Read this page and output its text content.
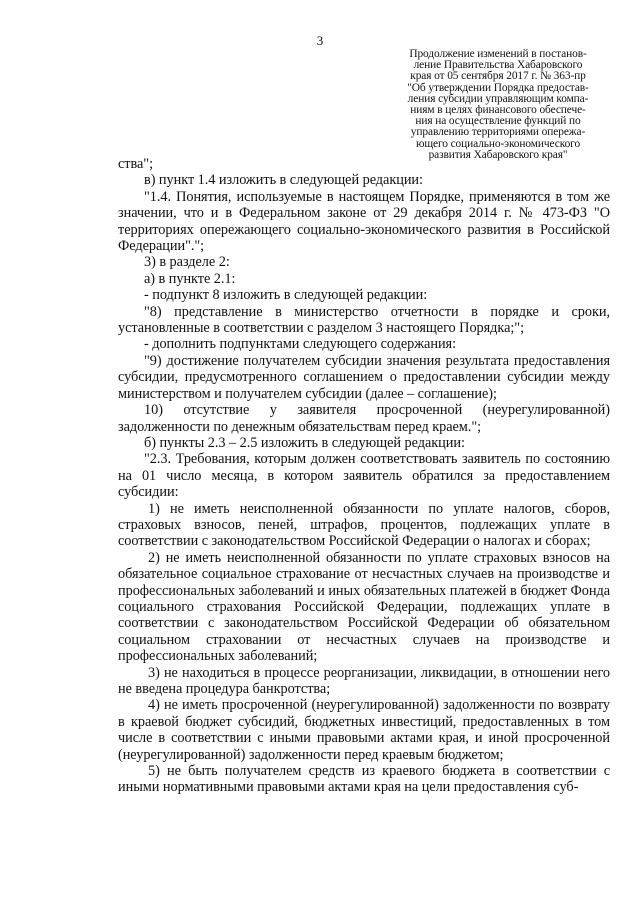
3
Продолжение изменений в постанов-
ление Правительства Хабаровского
края от 05 сентября 2017 г. № 363-пр
"Об утверждении Порядка предостав-
ления субсидии управляющим компа-
ниям в целях финансового обеспече-
ния на осуществление функций по
управлению территориями опережа-
ющего социально-экономического
развития Хабаровского края"

ства";

в) пункт 1.4 изложить в следующей редакции:

"1.4. Понятия, используемые в настоящем Порядке, применяются в том же значении, что и в Федеральном законе от 29 декабря 2014 г. № 473-ФЗ "О территориях опережающего социально-экономического развития в Российской Федерации".";

3) в разделе 2:

а) в пункте 2.1:

- подпункт 8 изложить в следующей редакции:

"8) представление в министерство отчетности в порядке и сроки, установленные в соответствии с разделом 3 настоящего Порядка;";

- дополнить подпунктами следующего содержания:

"9) достижение получателем субсидии значения результата предоставления субсидии, предусмотренного соглашением о предоставлении субсидии между министерством и получателем субсидии (далее – соглашение);

10) отсутствие у заявителя просроченной (неурегулированной) задолженности по денежным обязательствам перед краем.";

б) пункты 2.3 – 2.5 изложить в следующей редакции:

"2.3. Требования, которым должен соответствовать заявитель по состоянию на 01 число месяца, в котором заявитель обратился за предоставлением субсидии:

1) не иметь неисполненной обязанности по уплате налогов, сборов, страховых взносов, пеней, штрафов, процентов, подлежащих уплате в соответствии с законодательством Российской Федерации о налогах и сборах;

2) не иметь неисполненной обязанности по уплате страховых взносов на обязательное социальное страхование от несчастных случаев на производстве и профессиональных заболеваний и иных обязательных платежей в бюджет Фонда социального страхования Российской Федерации, подлежащих уплате в соответствии с законодательством Российской Федерации об обязательном социальном страховании от несчастных случаев на производстве и профессиональных заболеваний;

3) не находиться в процессе реорганизации, ликвидации, в отношении него не введена процедура банкротства;

4) не иметь просроченной (неурегулированной) задолженности по возврату в краевой бюджет субсидий, бюджетных инвестиций, предоставленных в том числе в соответствии с иными правовыми актами края, и иной просроченной (неурегулированной) задолженности перед краевым бюджетом;

5) не быть получателем средств из краевого бюджета в соответствии с иными нормативными правовыми актами края на цели предоставления суб-
